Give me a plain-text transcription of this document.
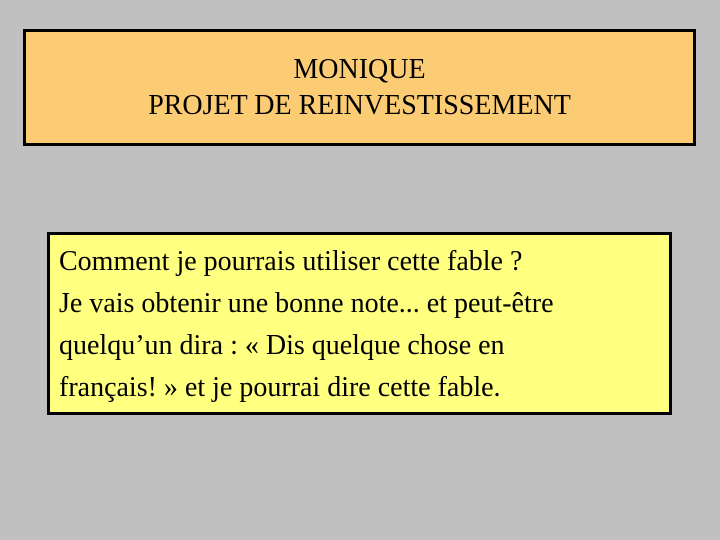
MONIQUE
PROJET DE REINVESTISSEMENT
Comment je pourrais utiliser cette fable ?
Je vais obtenir une bonne note... et peut-être
quelqu’un dira : « Dis quelque chose en
français! » et je pourrai dire cette fable.
